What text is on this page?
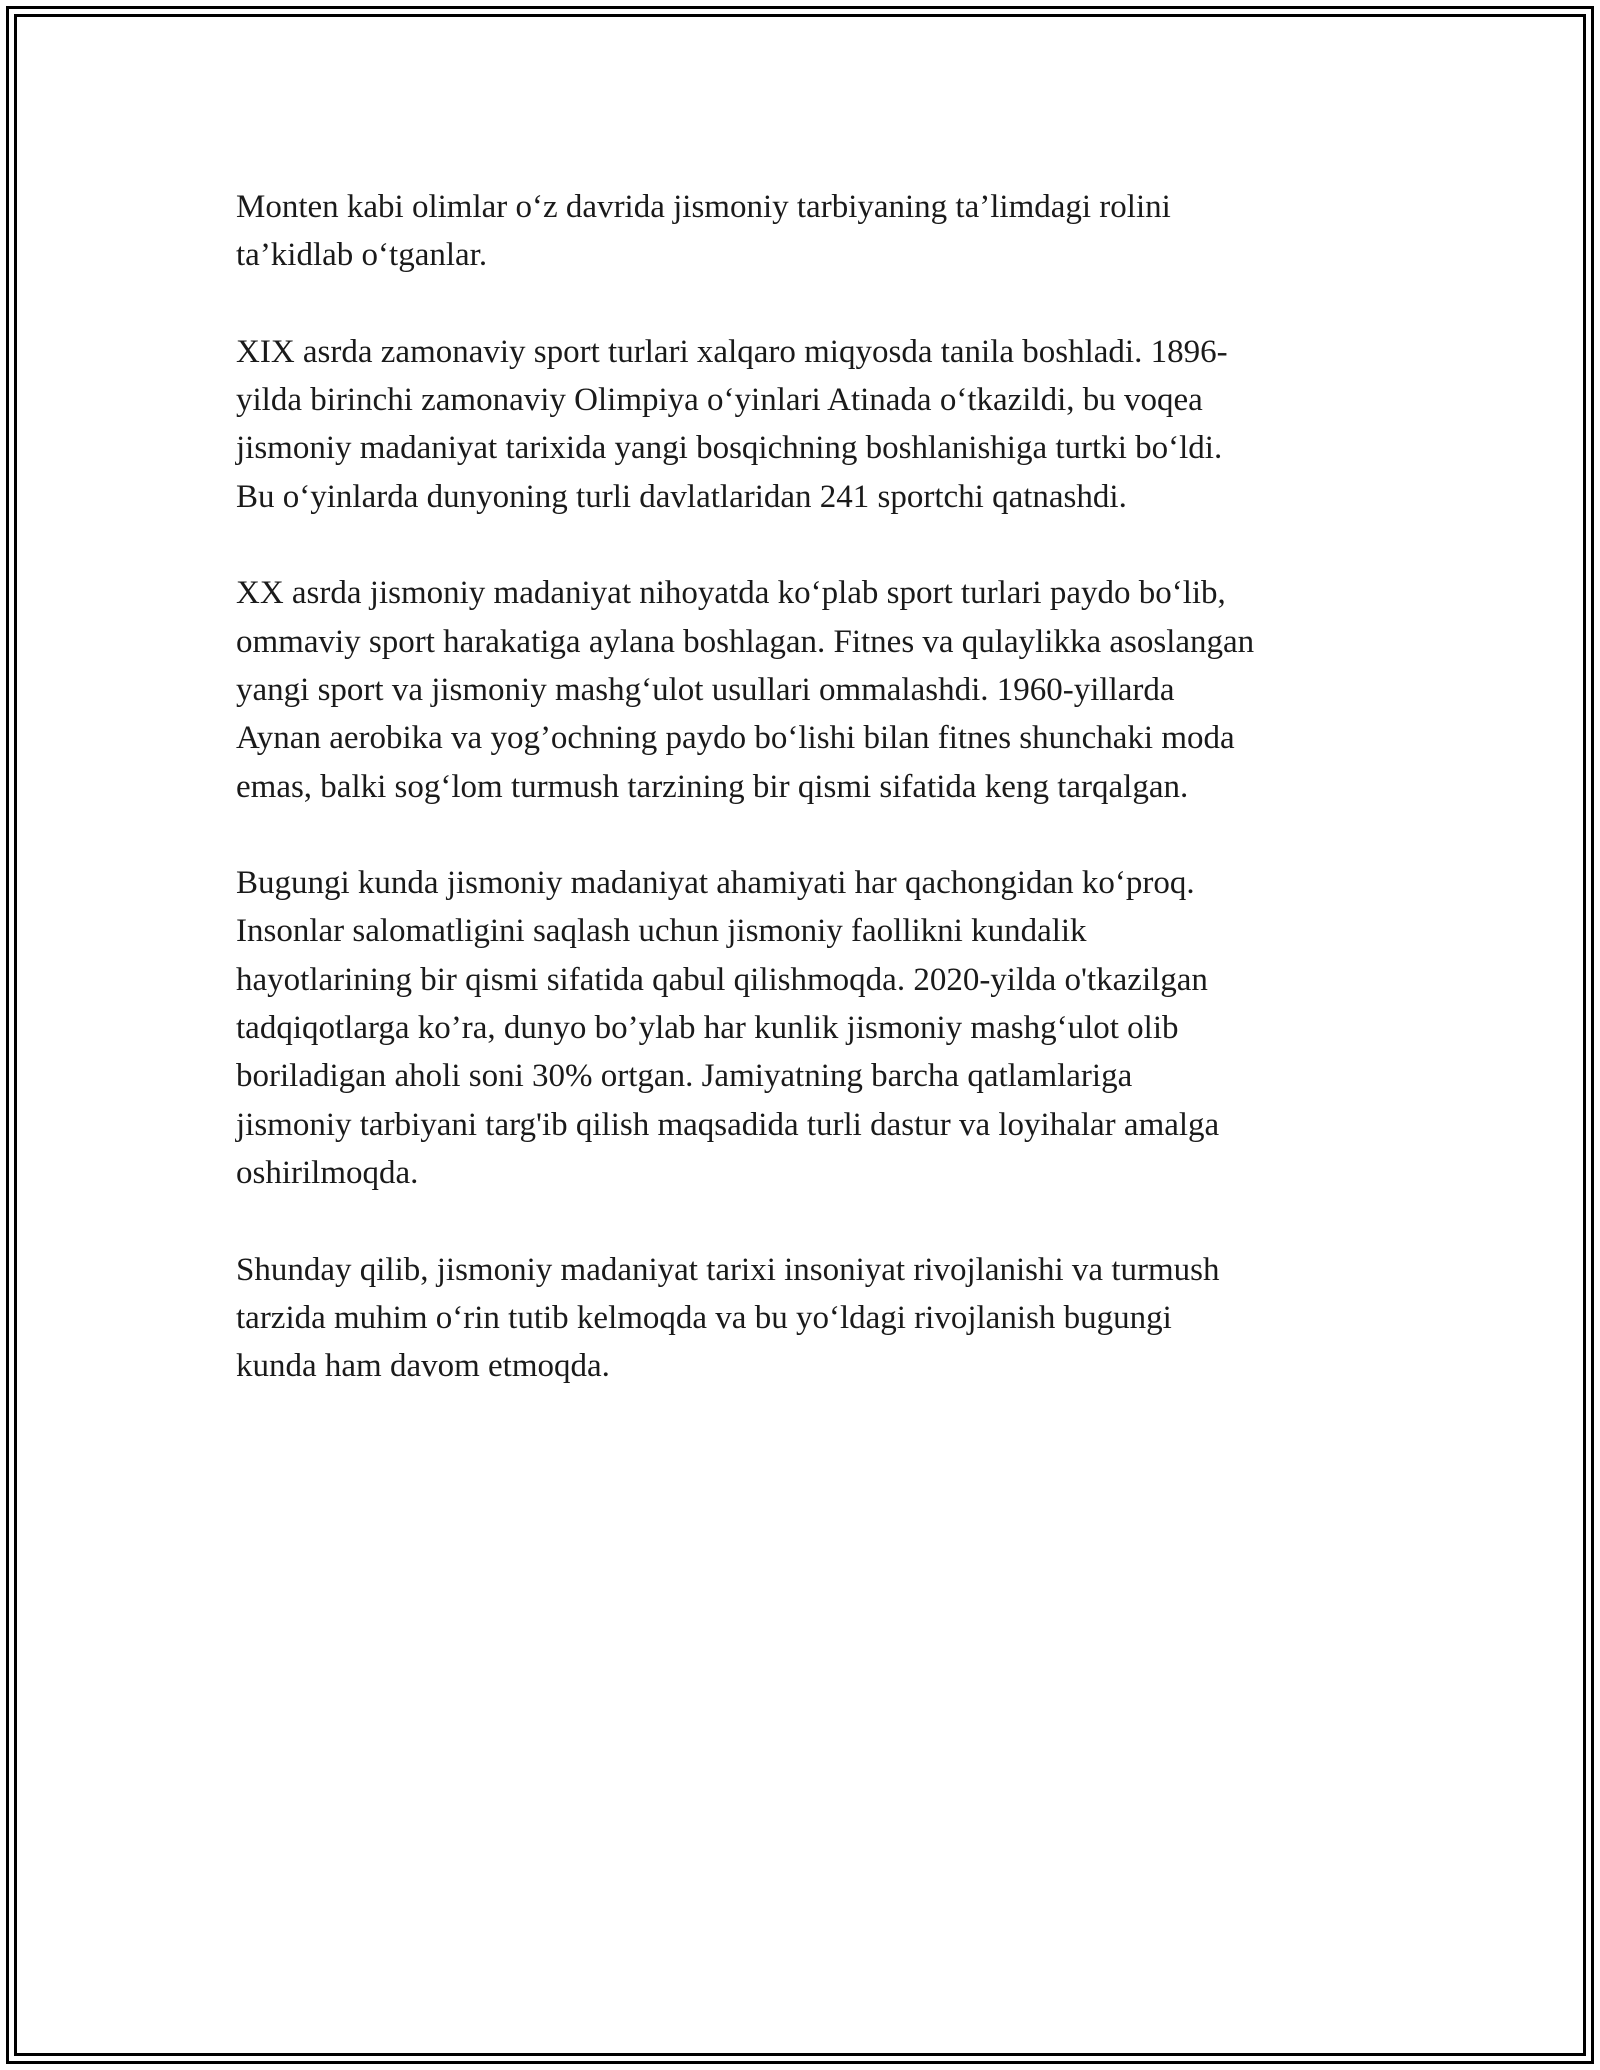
Monten kabi olimlar o‘z davrida jismoniy tarbiyaning ta’limdagi rolini
ta’kidlab o‘tganlar.

XIX asrda zamonaviy sport turlari xalqaro miqyosda tanila boshladi. 1896-
yilda birinchi zamonaviy Olimpiya o‘yinlari Atinada o‘tkazildi, bu voqea
jismoniy madaniyat tarixida yangi bosqichning boshlanishiga turtki bo‘ldi.
Bu o‘yinlarda dunyoning turli davlatlaridan 241 sportchi qatnashdi.

XX asrda jismoniy madaniyat nihoyatda ko‘plab sport turlari paydo bo‘lib,
ommaviy sport harakatiga aylana boshlagan. Fitnes va qulaylikka asoslangan
yangi sport va jismoniy mashg‘ulot usullari ommalashdi. 1960-yillarda
Aynan aerobika va yog’ochning paydo bo‘lishi bilan fitnes shunchaki moda
emas, balki sog‘lom turmush tarzining bir qismi sifatida keng tarqalgan.

Bugungi kunda jismoniy madaniyat ahamiyati har qachongidan ko‘proq.
Insonlar salomatligini saqlash uchun jismoniy faollikni kundalik
hayotlarining bir qismi sifatida qabul qilishmoqda. 2020-yilda o'tkazilgan
tadqiqotlarga ko’ra, dunyo bo’ylab har kunlik jismoniy mashg‘ulot olib
boriladigan aholi soni 30% ortgan. Jamiyatning barcha qatlamlariga
jismoniy tarbiyani targ'ib qilish maqsadida turli dastur va loyihalar amalga
oshirilmoqda.

Shunday qilib, jismoniy madaniyat tarixi insoniyat rivojlanishi va turmush
tarzida muhim o‘rin tutib kelmoqda va bu yo‘ldagi rivojlanish bugungi
kunda ham davom etmoqda.
